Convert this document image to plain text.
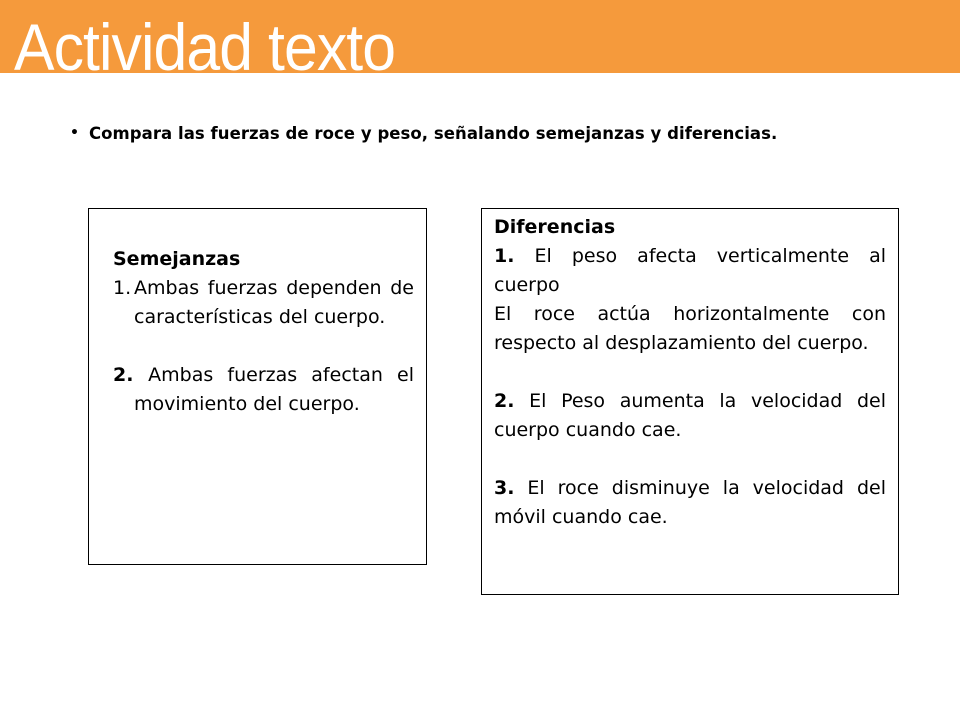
Actividad texto
• Compara las fuerzas de roce y peso, señalando semejanzas y diferencias.
Semejanzas
1. Ambas fuerzas dependen de características del cuerpo.
2. Ambas fuerzas afectan el movimiento del cuerpo.
Diferencias
1. El peso afecta verticalmente al cuerpo
El roce actúa horizontalmente con respecto al desplazamiento del cuerpo.
2. El Peso aumenta la velocidad del cuerpo cuando cae.
3. El roce disminuye la velocidad del móvil cuando cae.
